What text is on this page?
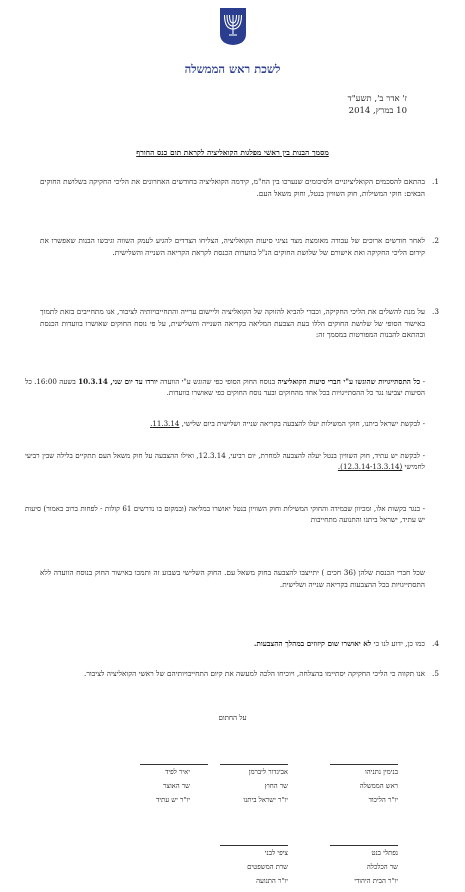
לשכת ראש הממשלה
ז' אדר ב', תשע"ד
10 במרץ, 2014
מסמך הבנות בין ראשי מפלגות הקואליציה לקראת תום כנס החורף
1.
בהתאם להסכמים הקואליציוניים ולסיכומים שנערכו בין הח"מ, קידמה הקואליציה בחודשים האחרונים את הליכי החקיקה בשלושת החוקים הבאים: חוקי המשילות, חוק השוויון בנטל, וחוק משאל העם.
2.
לאחר חודשים ארוכים של עבודה מאומצת מצד נציגי סיעות הקואליציה, הצליחו הצדדים להגיע לעמק השווה וגיבשו הבנות שאפשרו את קידום הליכי החקיקה ואת אישורם של שלושת החוקים הנ"ל בוועדות הכנסת לקראת הקריאה השנייה והשלישית.
3.
על מנת להשלים את הליכי החקיקה, וכבדי להביא להזוקה של הקואליציה וליישום ערייה והתחייבויותיה לציבור, אנו מתחייבים בזאת לתמוך באישור הסופי של שלושת החוקים הללו בעת הצבעת המליאה בקריאה השנייה והשלישית, על פי נוסח החוקים שאושרו בוועדות הכנסת ובהתאם להבנות המפורטות במסמך זה:
- כל התסתייגויות שהוגשו ע"י חברי סיעות הקואליציה בנוסח החוק הסופי כפי שהוגש ע"י הוועדה יורדו עד יום שני, 10.3.14 בשעה 16:00. כל הסיעות יצביעו נגד כל ההסתייגויות בכל אחד מהחוקים ובעד נוסח החוקים כפי שאושרו בוועדות.
- לבקשת ישראל ביתנו, חוקי המשילות יעלו להצבעה בקריאה שנייה ושלישית ביום שלישי, 11.3.14.
- לבקשת יש עתיד, חוק השוויון בנטל יעלה להצבעה למחרת, יום רביעי, 12.3.14, ואילו ההצבעה על חוק משאל העם תתקיים בלילה שבין רביעי לחמישי (12.3.14-13.3.14).
- כנגד בקשות אלו, ומכיוון שבמידה והחוקי המשילות וחוק השוויון בנטל יאושרו במליאה (ובמקום בו נדרשים 61 קולות - לפחות ברוב כאמור) סיעות יש עתיד, ישראל ביתנו והתנועה מתחייבות
שכל חברי הכנסת שלהן (36 חכים ) יתייצבו להצבעה בחוק משאל עם. החוק השלישי בשבוע זה ותמכו באישור החוק בנוסח הוועדה ללא התסתייגויות בכל ההצבעות בקריאה שנייה ושלישית.
4.
כמו כן, ידוע לנו כי לא יאושרו שום קיזוזים במהלך ההצבעות.
5.
אנו תקווה כי הליכי החקיקה יסתיימו בהצלחה, ויוכיחו הלכה למעשה את קיום התחייבויותיהם של ראשי הקואליציה לציבור.
על החתום
בנימין נתניהו
ראש הממשלה
יו"ר הליכוד
אביגדור ליברמן
שר החוץ
יו"ר ישראל ביתנו
יאיר לפיד
שר האוצר
יו"ר יש עתיד
נפתלי בנט
שר הכלכלה
יו"ר הבית היהודי
ציפי לבני
שרת המשפטים
יו"ר התנועה
